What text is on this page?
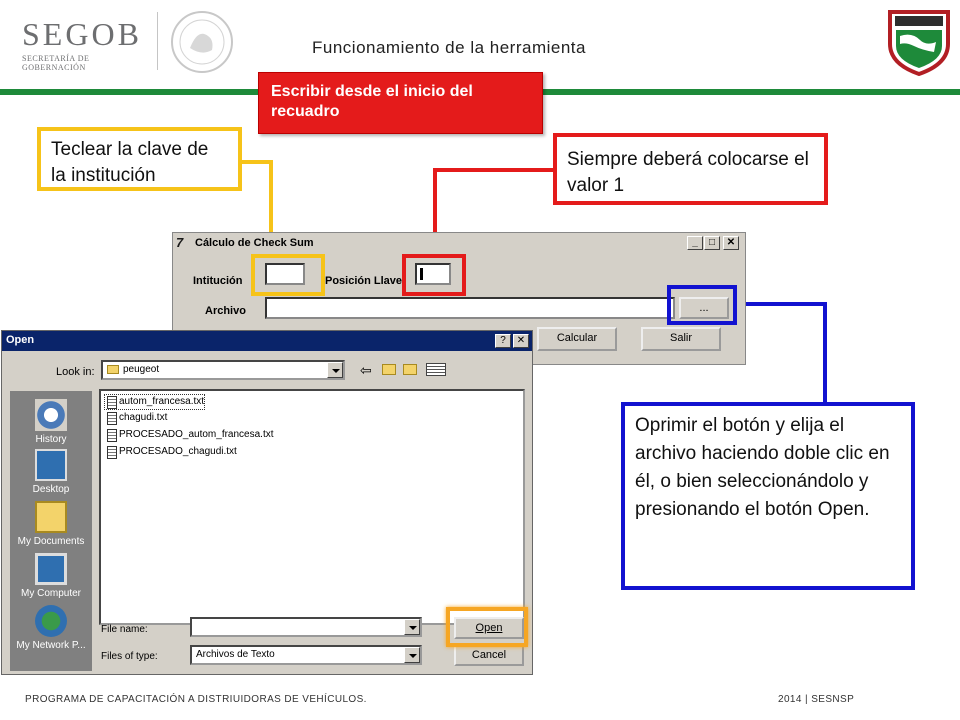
SEGOB
SECRETARÍA DE GOBERNACIÓN
Funcionamiento de la herramienta
Escribir desde el inicio del recuadro
Teclear la clave de la institución
Siempre deberá colocarse el valor 1
Oprimir el botón y elija el archivo haciendo doble clic en él, o bien seleccionándolo y presionando el botón Open.
7 Cálculo de Check Sum	_	□	✕
Intitución	Posición Llave
Archivo	...
Calcular	Salir
Open	?	✕
Look in:	peugeot	⇦
History
Desktop
My Documents
My Computer
My Network P...
autom_francesa.txt
chagudi.txt
PROCESADO_autom_francesa.txt
PROCESADO_chagudi.txt
File name:
Files of type:	Archivos de Texto
Open
Cancel
PROGRAMA DE CAPACITACIÓN A DISTRIUIDORAS DE VEHÍCULOS.	2014 | SESNSP
